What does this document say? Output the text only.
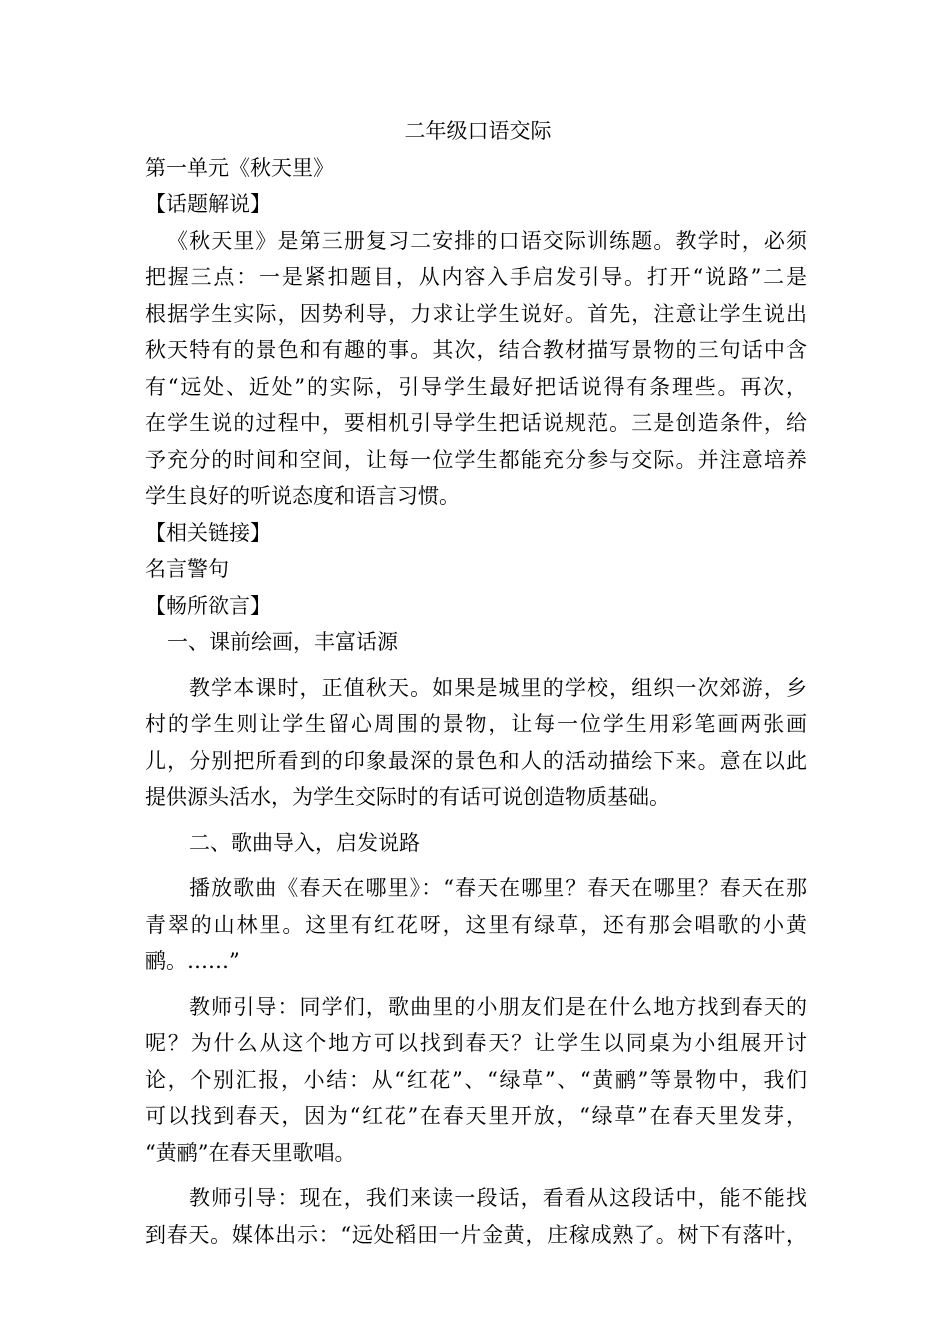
二年级口语交际
第一单元《秋天里》
【话题解说】
《秋天里》是第三册复习二安排的口语交际训练题。教学时，必须
把握三点：一是紧扣题目，从内容入手启发引导。打开“说路”二是
根据学生实际，因势利导，力求让学生说好。首先，注意让学生说出
秋天特有的景色和有趣的事。其次，结合教材描写景物的三句话中含
有“远处、近处”的实际，引导学生最好把话说得有条理些。再次，
在学生说的过程中，要相机引导学生把话说规范。三是创造条件，给
予充分的时间和空间，让每一位学生都能充分参与交际。并注意培养
学生良好的听说态度和语言习惯。
【相关链接】
名言警句
【畅所欲言】
一、课前绘画，丰富话源
教学本课时，正值秋天。如果是城里的学校，组织一次郊游，乡
村的学生则让学生留心周围的景物，让每一位学生用彩笔画两张画
儿，分别把所看到的印象最深的景色和人的活动描绘下来。意在以此
提供源头活水，为学生交际时的有话可说创造物质基础。
二、歌曲导入，启发说路
播放歌曲《春天在哪里》：“春天在哪里？春天在哪里？春天在那
青翠的山林里。这里有红花呀，这里有绿草，还有那会唱歌的小黄
鹂。……”
教师引导：同学们，歌曲里的小朋友们是在什么地方找到春天的
呢？为什么从这个地方可以找到春天？让学生以同桌为小组展开讨
论，个别汇报，小结：从“红花”、“绿草”、“黄鹂”等景物中，我们
可以找到春天，因为“红花”在春天里开放，“绿草”在春天里发芽，
“黄鹂”在春天里歌唱。
教师引导：现在，我们来读一段话，看看从这段话中，能不能找
到春天。媒体出示：“远处稻田一片金黄，庄稼成熟了。树下有落叶，
